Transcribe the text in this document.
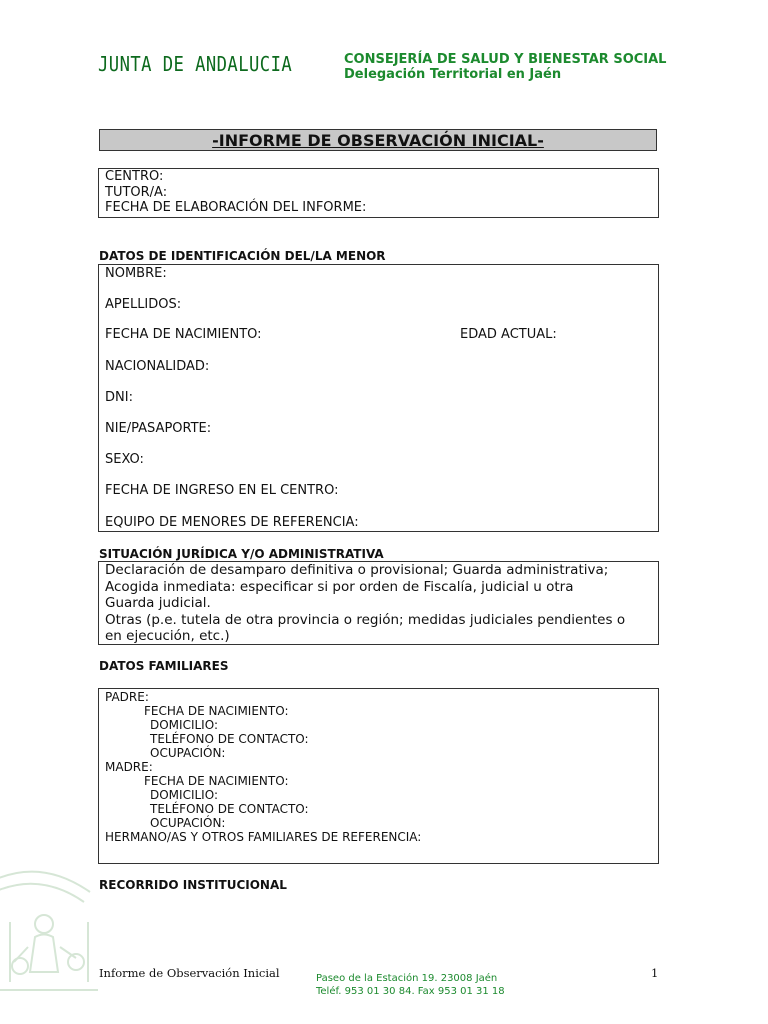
JUNTA DE ANDALUCIA	CONSEJERÍA DE SALUD Y BIENESTAR SOCIAL
Delegación Territorial en Jaén
-INFORME DE OBSERVACIÓN INICIAL-
CENTRO:
TUTOR/A:
FECHA DE ELABORACIÓN DEL INFORME:
DATOS DE IDENTIFICACIÓN DEL/LA MENOR
NOMBRE:
APELLIDOS:
FECHA DE NACIMIENTO:	EDAD ACTUAL:
NACIONALIDAD:
DNI:
NIE/PASAPORTE:
SEXO:
FECHA DE INGRESO EN EL CENTRO:
EQUIPO DE MENORES DE REFERENCIA:
SITUACIÓN JURÍDICA Y/O ADMINISTRATIVA
Declaración de desamparo definitiva o provisional; Guarda administrativa;
Acogida inmediata: especificar si por orden de Fiscalía, judicial u otra
Guarda judicial.
Otras (p.e. tutela de otra provincia o región; medidas judiciales pendientes o
en ejecución, etc.)
DATOS FAMILIARES
PADRE:
FECHA DE NACIMIENTO:
DOMICILIO:
TELÉFONO DE CONTACTO:
OCUPACIÓN:
MADRE:
FECHA DE NACIMIENTO:
DOMICILIO:
TELÉFONO DE CONTACTO:
OCUPACIÓN:
HERMANO/AS Y OTROS FAMILIARES DE REFERENCIA:
RECORRIDO INSTITUCIONAL
Informe de Observación Inicial	1
Paseo de la Estación 19. 23008 Jaén
Teléf. 953 01 30 84. Fax 953 01 31 18
